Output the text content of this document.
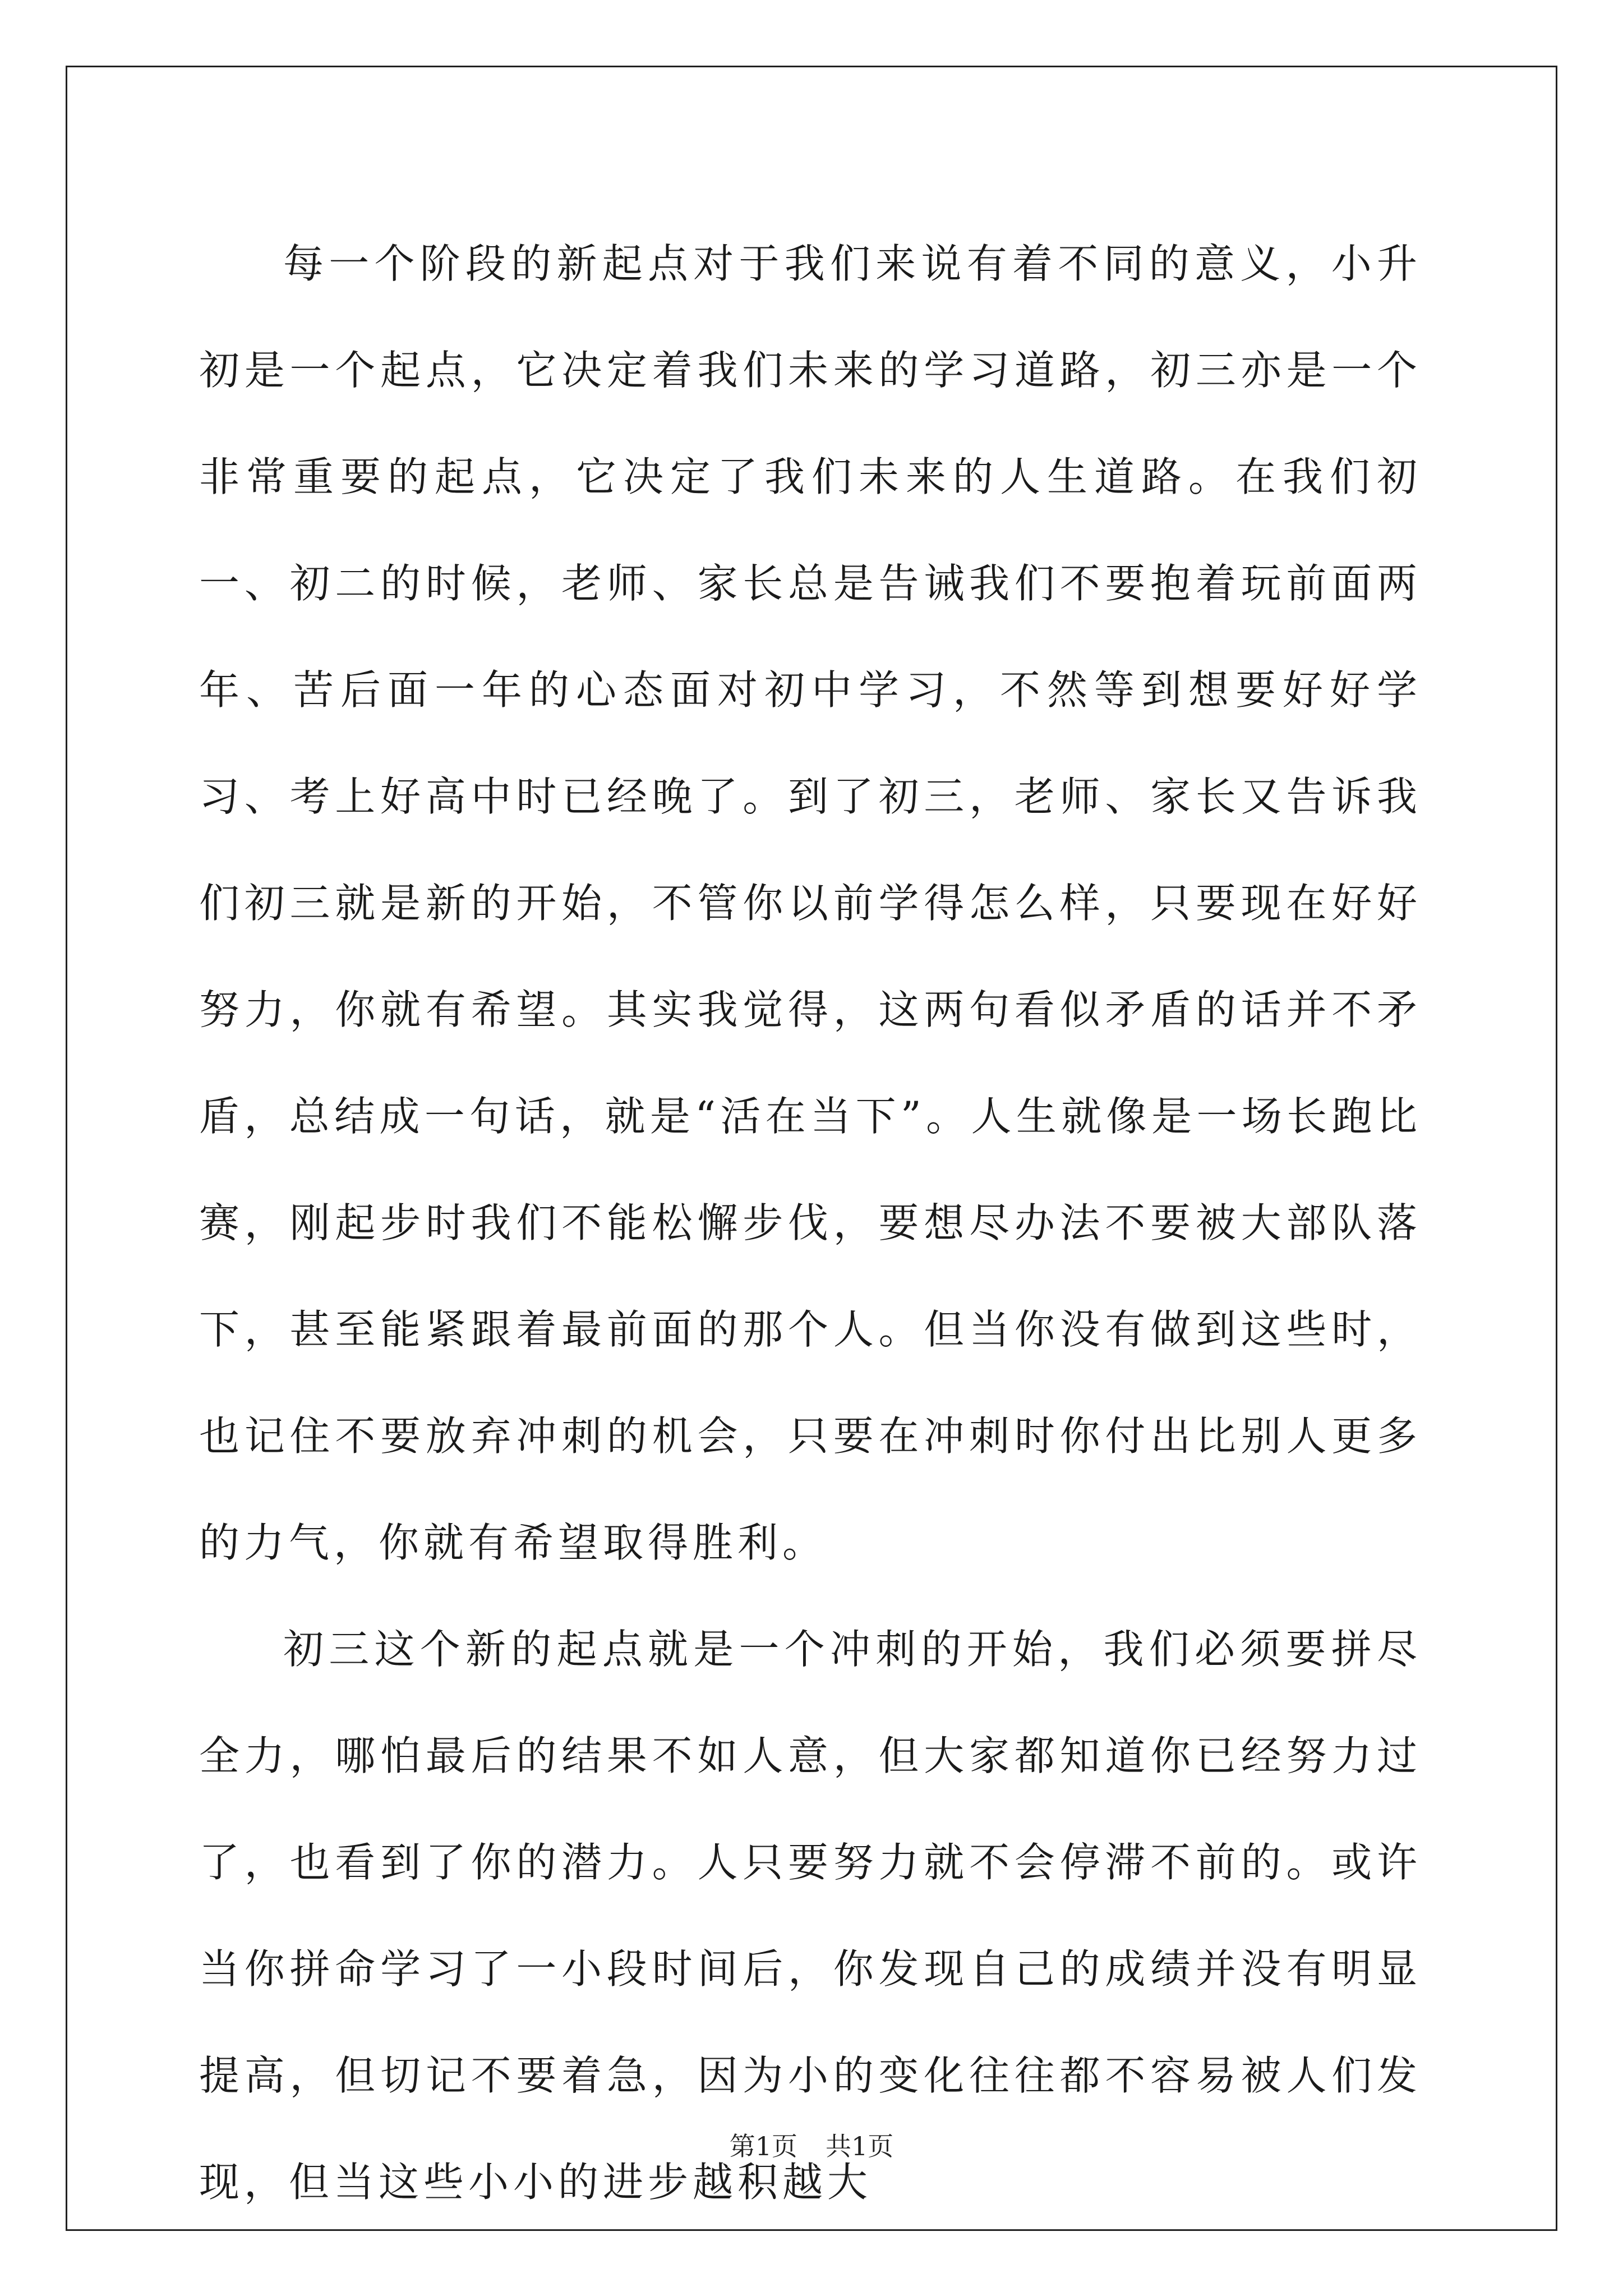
每一个阶段的新起点对于我们来说有着不同的意义，小升初是一个起点，它决定着我们未来的学习道路，初三亦是一个非常重要的起点，它决定了我们未来的人生道路。在我们初一、初二的时候，老师、家长总是告诫我们不要抱着玩前面两年、苦后面一年的心态面对初中学习，不然等到想要好好学习、考上好高中时已经晚了。到了初三，老师、家长又告诉我们初三就是新的开始，不管你以前学得怎么样，只要现在好好努力，你就有希望。其实我觉得，这两句看似矛盾的话并不矛盾，总结成一句话，就是“活在当下”。人生就像是一场长跑比赛，刚起步时我们不能松懈步伐，要想尽办法不要被大部队落下，甚至能紧跟着最前面的那个人。但当你没有做到这些时，也记住不要放弃冲刺的机会，只要在冲刺时你付出比别人更多的力气，你就有希望取得胜利。

初三这个新的起点就是一个冲刺的开始，我们必须要拼尽全力，哪怕最后的结果不如人意，但大家都知道你已经努力过了，也看到了你的潜力。人只要努力就不会停滞不前的。或许当你拼命学习了一小段时间后，你发现自己的成绩并没有明显提高，但切记不要着急，因为小的变化往往都不容易被人们发现，但当这些小小的进步越积越大

第1页 共1页
